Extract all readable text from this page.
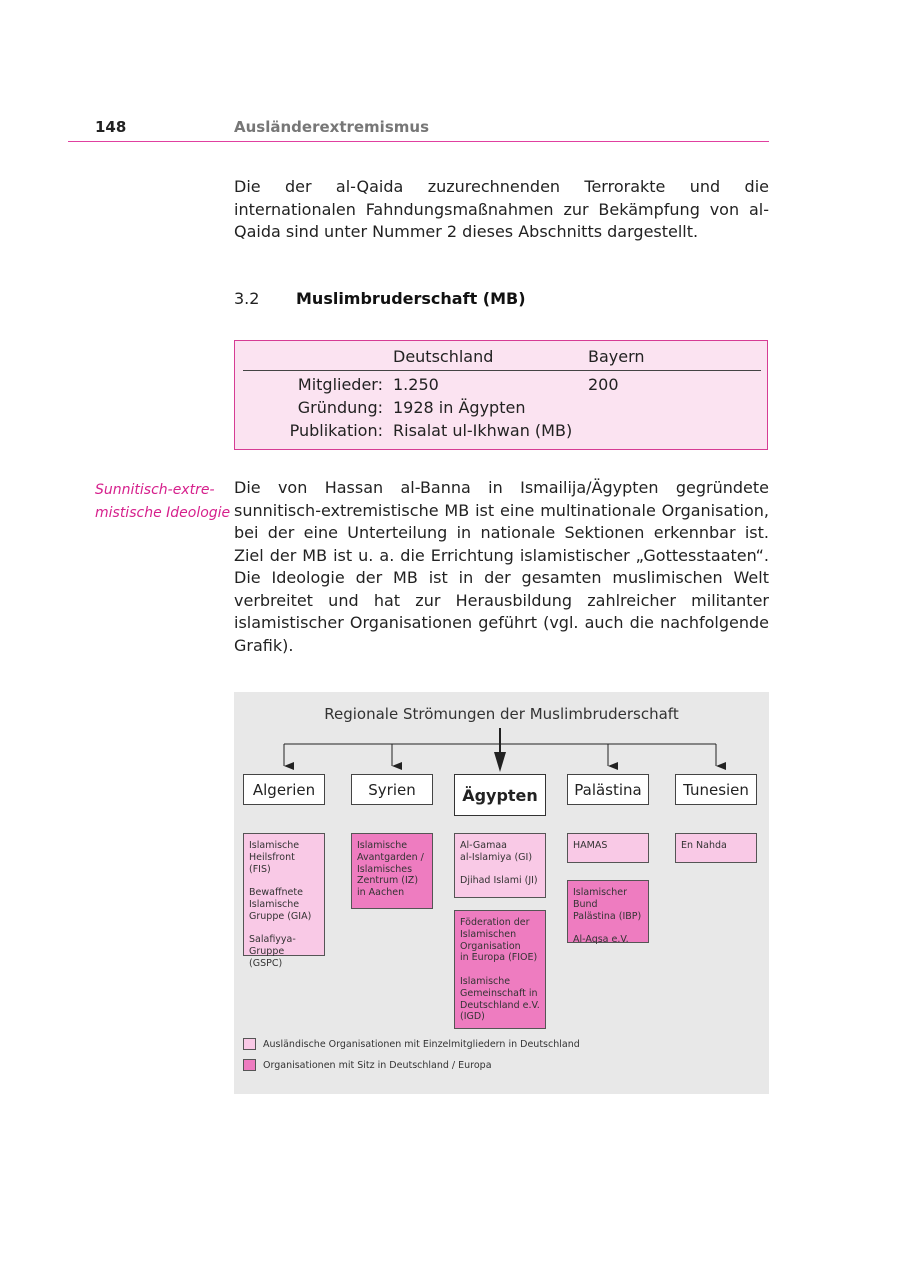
148	Ausländerextremismus
Die der al-Qaida zuzurechnenden Terrorakte und die internationalen Fahndungsmaßnahmen zur Bekämpfung von al-Qaida sind unter Nummer 2 dieses Abschnitts dargestellt.
3.2 Muslimbruderschaft (MB)
Deutschland	Bayern
Mitglieder: 1.250	200
Gründung: 1928 in Ägypten
Publikation: Risalat ul-Ikhwan (MB)
Sunnitisch-extre-
mistische Ideologie
Die von Hassan al-Banna in Ismailija/Ägypten gegründete sunnitisch-extremistische MB ist eine multinationale Organisation, bei der eine Unterteilung in nationale Sektionen erkennbar ist. Ziel der MB ist u. a. die Errichtung islamistischer „Gottesstaaten“. Die Ideologie der MB ist in der gesamten muslimischen Welt verbreitet und hat zur Herausbildung zahlreicher militanter islamistischer Organisationen geführt (vgl. auch die nachfolgende Grafik).
Regionale Strömungen der Muslimbruderschaft
Algerien	Syrien	Ägypten	Palästina	Tunesien

Islamische

Heilsfront (FIS)

Bewaffnete

Islamische

Gruppe (GIA)

Salafiyya-Gruppe

(GSPC)

Islamische

Avantgarden /

Islamisches

Zentrum (IZ)

in Aachen

Al-Gamaa

al-Islamiya (GI)

Djihad Islami (JI)

Föderation der

Islamischen

Organisation

in Europa (FIOE)

Islamische

Gemeinschaft in

Deutschland e.V.

(IGD)

HAMAS

Islamischer Bund

Palästina (IBP)

Al-Aqsa e.V.

En Nahda

Ausländische Organisationen mit Einzelmitgliedern in Deutschland
Organisationen mit Sitz in Deutschland / Europa
